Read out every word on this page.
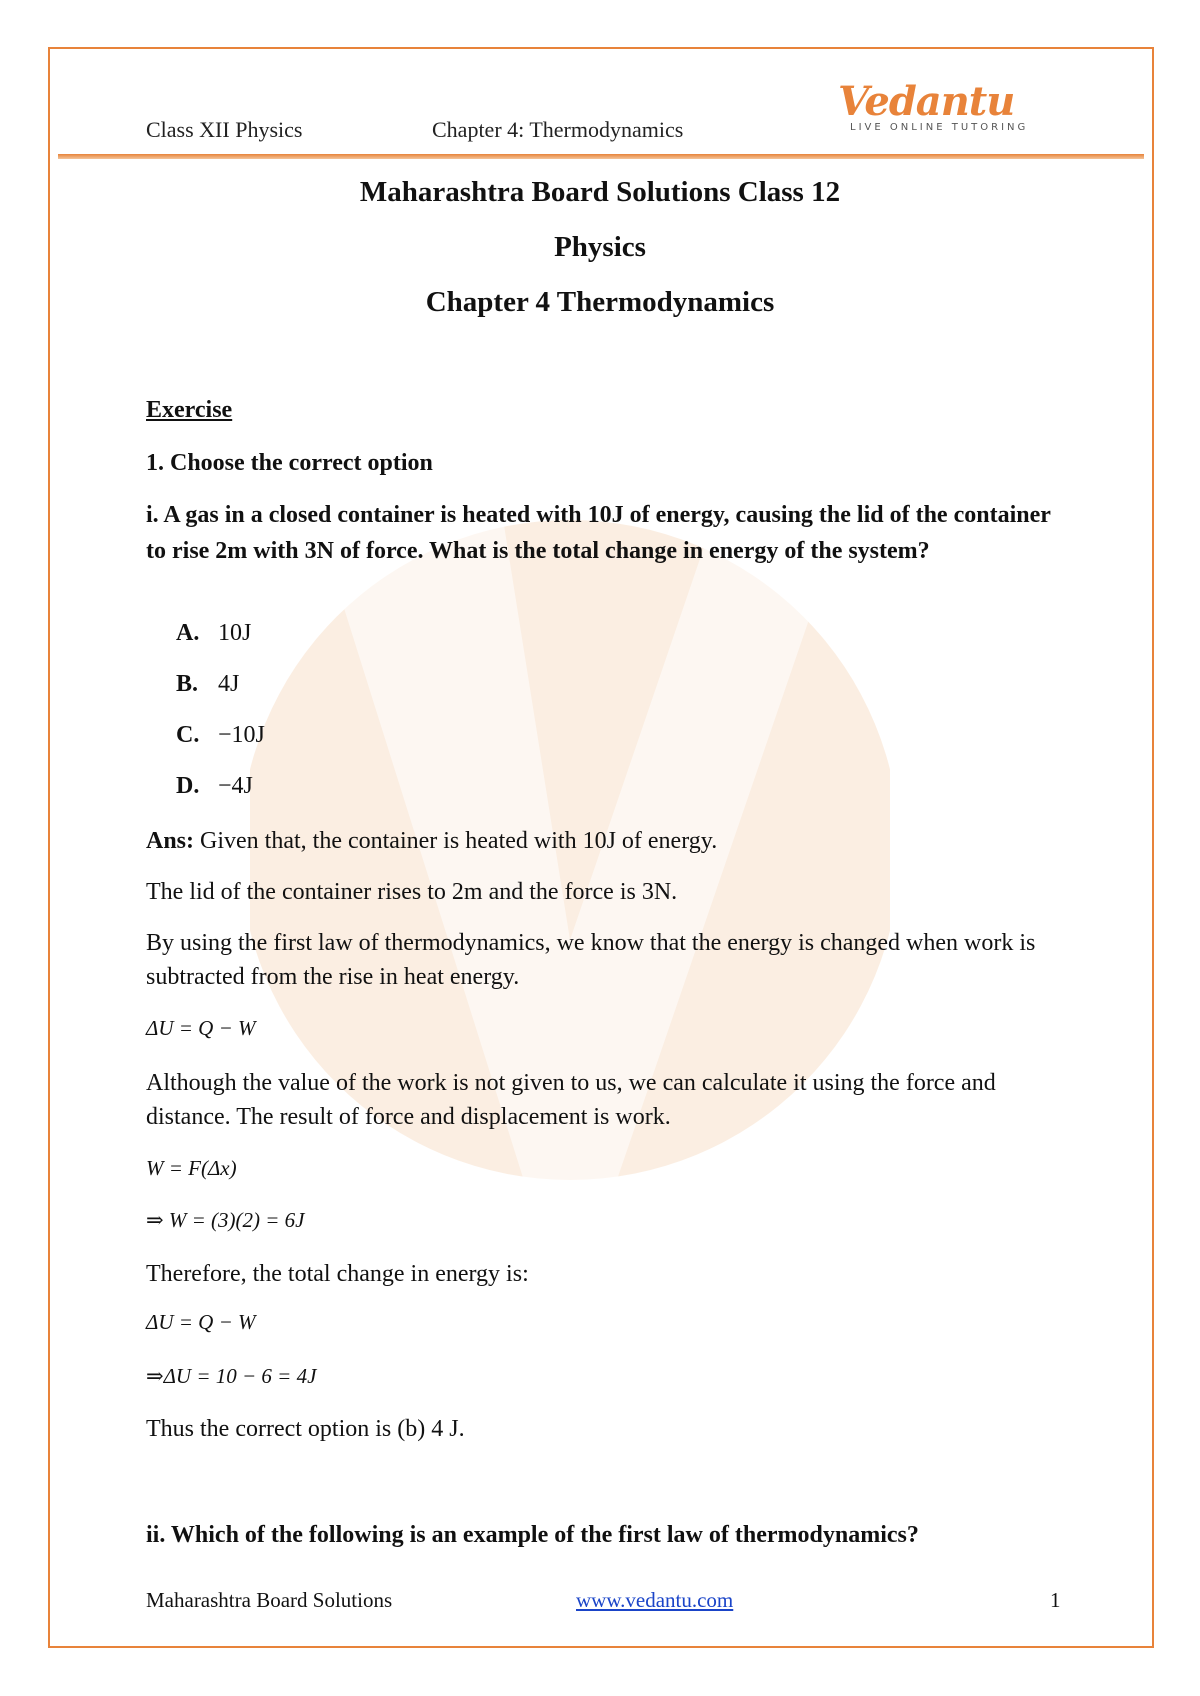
Class XII Physics	Chapter 4: Thermodynamics
Vedantu
LIVE ONLINE TUTORING
Maharashtra Board Solutions Class 12
Physics
Chapter 4 Thermodynamics
Exercise
1. Choose the correct option
i. A gas in a closed container is heated with 10J of energy, causing the lid of the container to rise 2m with 3N of force. What is the total change in energy of the system?
A. 10J
B. 4J
C. −10J
D. −4J
Ans: Given that, the container is heated with 10J of energy.
The lid of the container rises to 2m and the force is 3N.
By using the first law of thermodynamics, we know that the energy is changed when work is subtracted from the rise in heat energy.
ΔU = Q − W
Although the value of the work is not given to us, we can calculate it using the force and distance. The result of force and displacement is work.
W = F(Δx)
⇒ W = (3)(2) = 6J
Therefore, the total change in energy is:
ΔU = Q − W
⇒ΔU = 10 − 6 = 4J
Thus the correct option is (b) 4 J.
ii. Which of the following is an example of the first law of thermodynamics?
Maharashtra Board Solutions	www.vedantu.com	1
